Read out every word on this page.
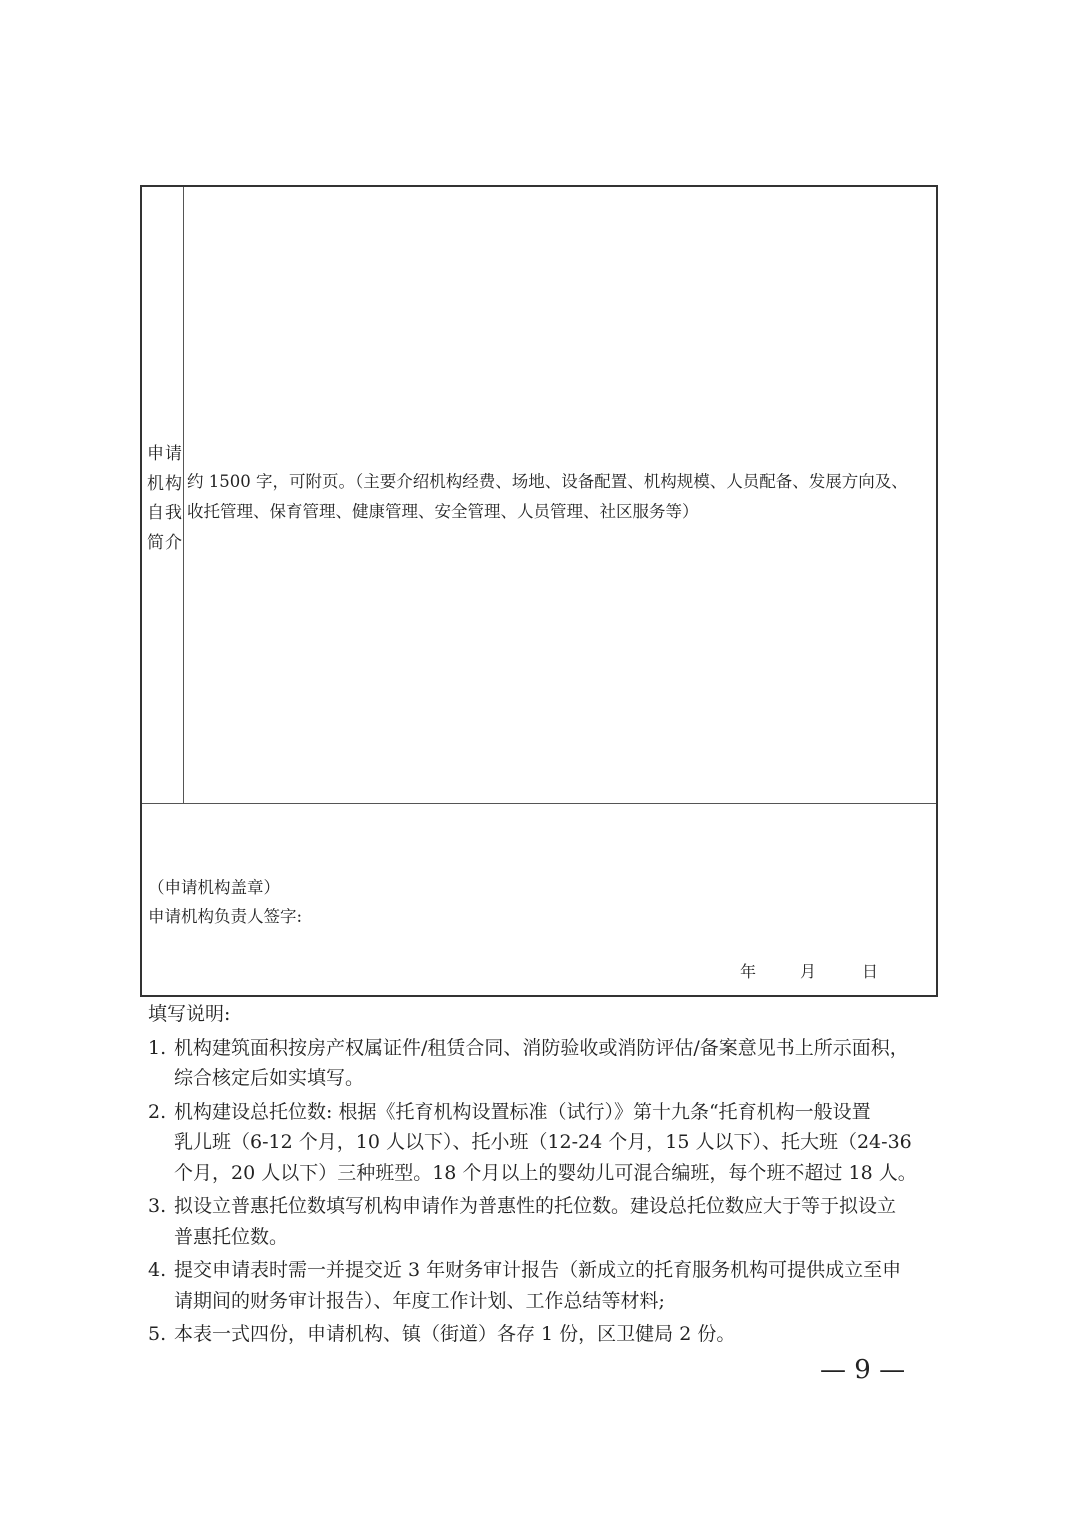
申请
机构
自我
简介
约 1500 字，可附页。（主要介绍机构经费、场地、设备配置、机构规模、人员配备、发展方向及、
收托管理、保育管理、健康管理、安全管理、人员管理、社区服务等）
（申请机构盖章）
申请机构负责人签字:
年	月	日
填写说明:
1. 机构建筑面积按房产权属证件/租赁合同、消防验收或消防评估/备案意见书上所示面积，
综合核定后如实填写。
2. 机构建设总托位数: 根据《托育机构设置标准（试行）》第十九条“托育机构一般设置
乳儿班（6-12 个月，10 人以下）、托小班（12-24 个月，15 人以下）、托大班（24-36
个月，20 人以下）三种班型。18 个月以上的婴幼儿可混合编班，每个班不超过 18 人。
3. 拟设立普惠托位数填写机构申请作为普惠性的托位数。建设总托位数应大于等于拟设立
普惠托位数。
4. 提交申请表时需一并提交近 3 年财务审计报告（新成立的托育服务机构可提供成立至申
请期间的财务审计报告）、年度工作计划、工作总结等材料;
5. 本表一式四份，申请机构、镇（街道）各存 1 份，区卫健局 2 份。
— 9 —
